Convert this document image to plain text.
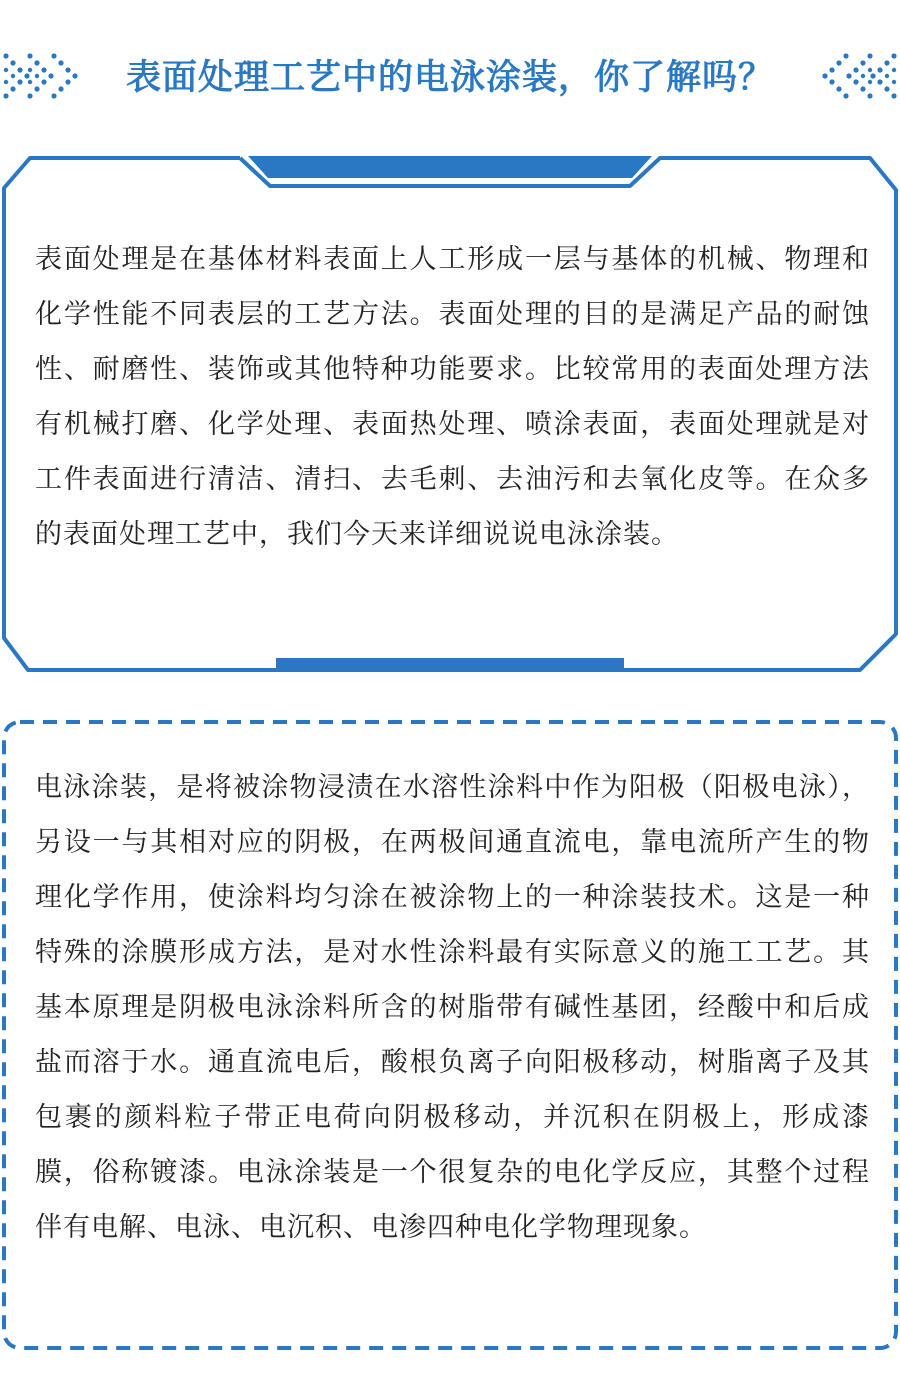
表面处理工艺中的电泳涂装，你了解吗？
表面处理是在基体材料表面上人工形成一层与基体的机械、物理和化学性能不同表层的工艺方法。表面处理的目的是满足产品的耐蚀性、耐磨性、装饰或其他特种功能要求。比较常用的表面处理方法有机械打磨、化学处理、表面热处理、喷涂表面，表面处理就是对工件表面进行清洁、清扫、去毛刺、去油污和去氧化皮等。在众多的表面处理工艺中，我们今天来详细说说电泳涂装。
电泳涂装，是将被涂物浸渍在水溶性涂料中作为阳极（阳极电泳），另设一与其相对应的阴极，在两极间通直流电，靠电流所产生的物理化学作用，使涂料均匀涂在被涂物上的一种涂装技术。这是一种特殊的涂膜形成方法，是对水性涂料最有实际意义的施工工艺。其基本原理是阴极电泳涂料所含的树脂带有碱性基团，经酸中和后成盐而溶于水。通直流电后，酸根负离子向阳极移动，树脂离子及其包裹的颜料粒子带正电荷向阴极移动，并沉积在阴极上，形成漆膜，俗称镀漆。电泳涂装是一个很复杂的电化学反应，其整个过程伴有电解、电泳、电沉积、电渗四种电化学物理现象。
